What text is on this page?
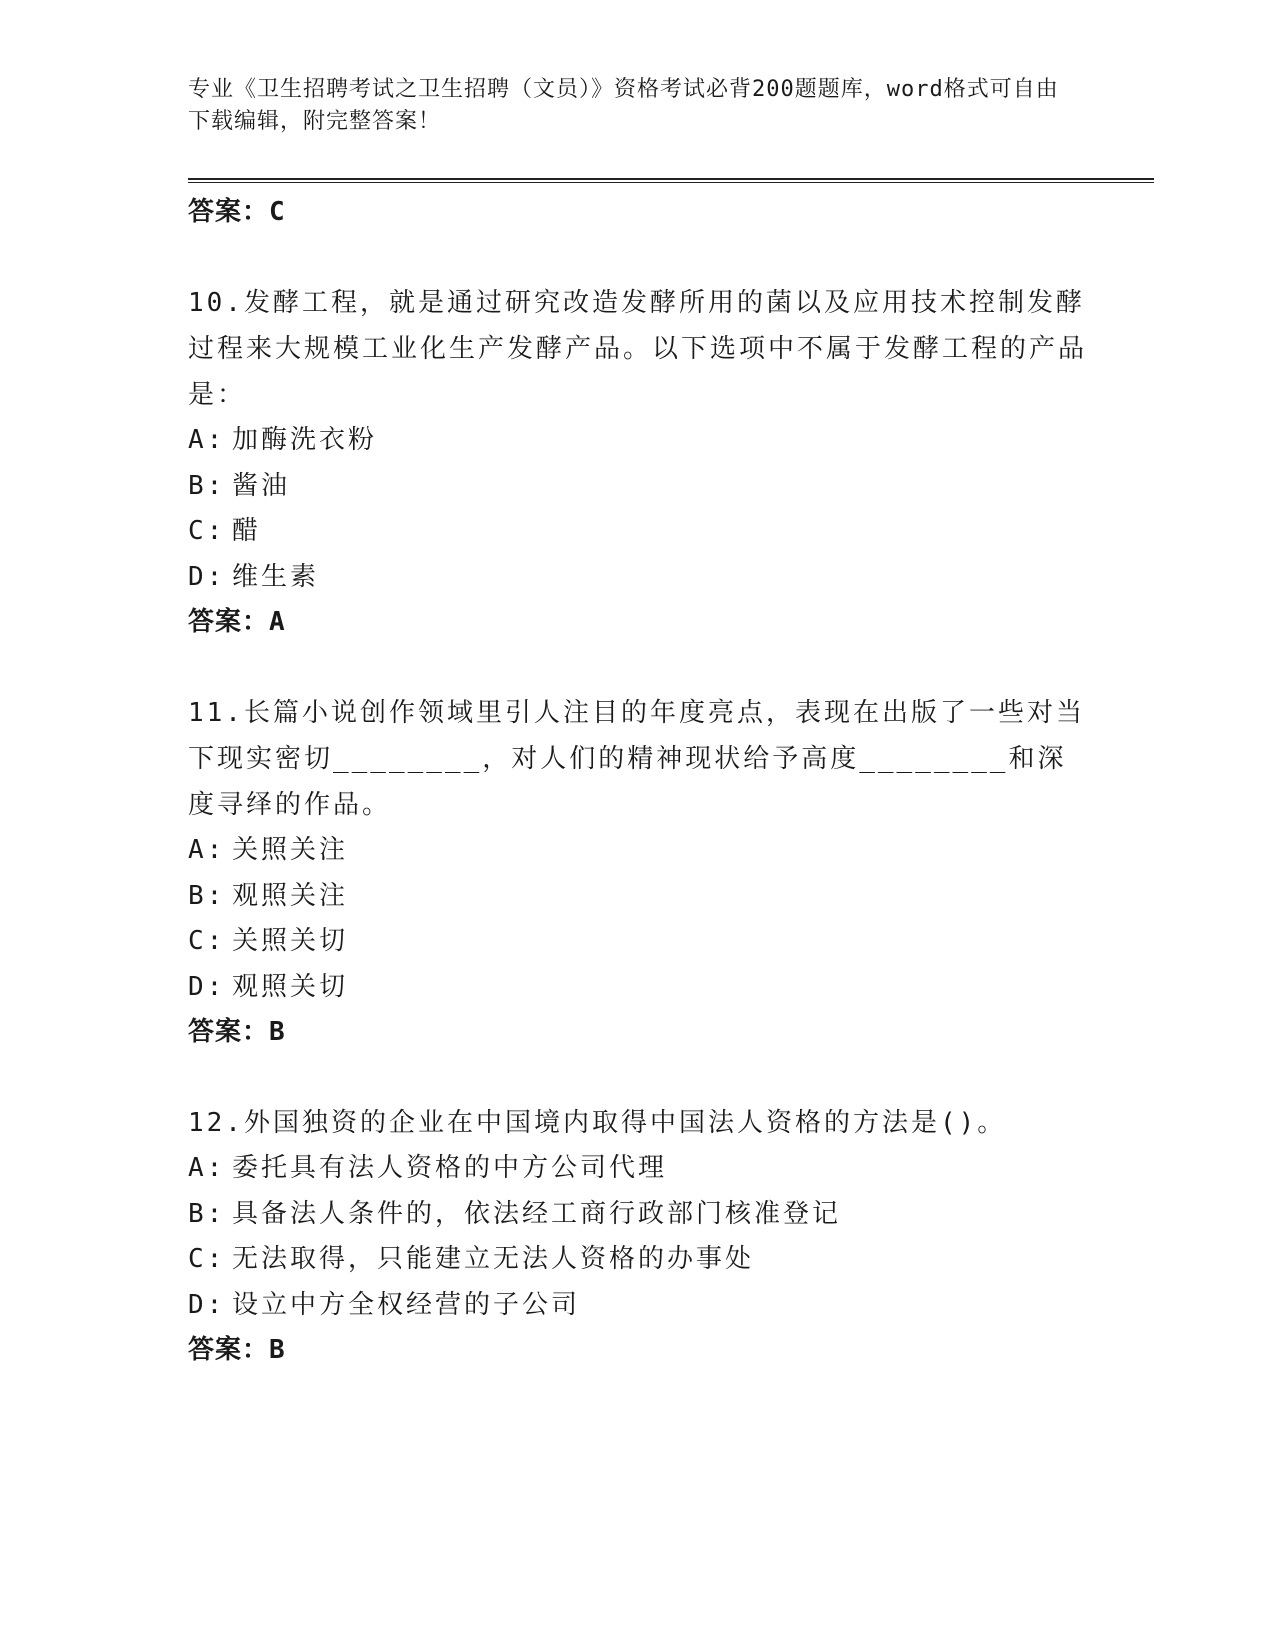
专业《卫生招聘考试之卫生招聘（文员）》资格考试必背200题题库，word格式可自由下载编辑，附完整答案！
答案：C
10.发酵工程，就是通过研究改造发酵所用的菌以及应用技术控制发酵过程来大规模工业化生产发酵产品。以下选项中不属于发酵工程的产品是：
A: 加酶洗衣粉
B: 酱油
C: 醋
D: 维生素
答案：A
11.长篇小说创作领域里引人注目的年度亮点，表现在出版了一些对当下现实密切________，对人们的精神现状给予高度________和深度寻绎的作品。
A: 关照关注
B: 观照关注
C: 关照关切
D: 观照关切
答案：B
12.外国独资的企业在中国境内取得中国法人资格的方法是()。
A: 委托具有法人资格的中方公司代理
B: 具备法人条件的，依法经工商行政部门核准登记
C: 无法取得，只能建立无法人资格的办事处
D: 设立中方全权经营的子公司
答案：B
